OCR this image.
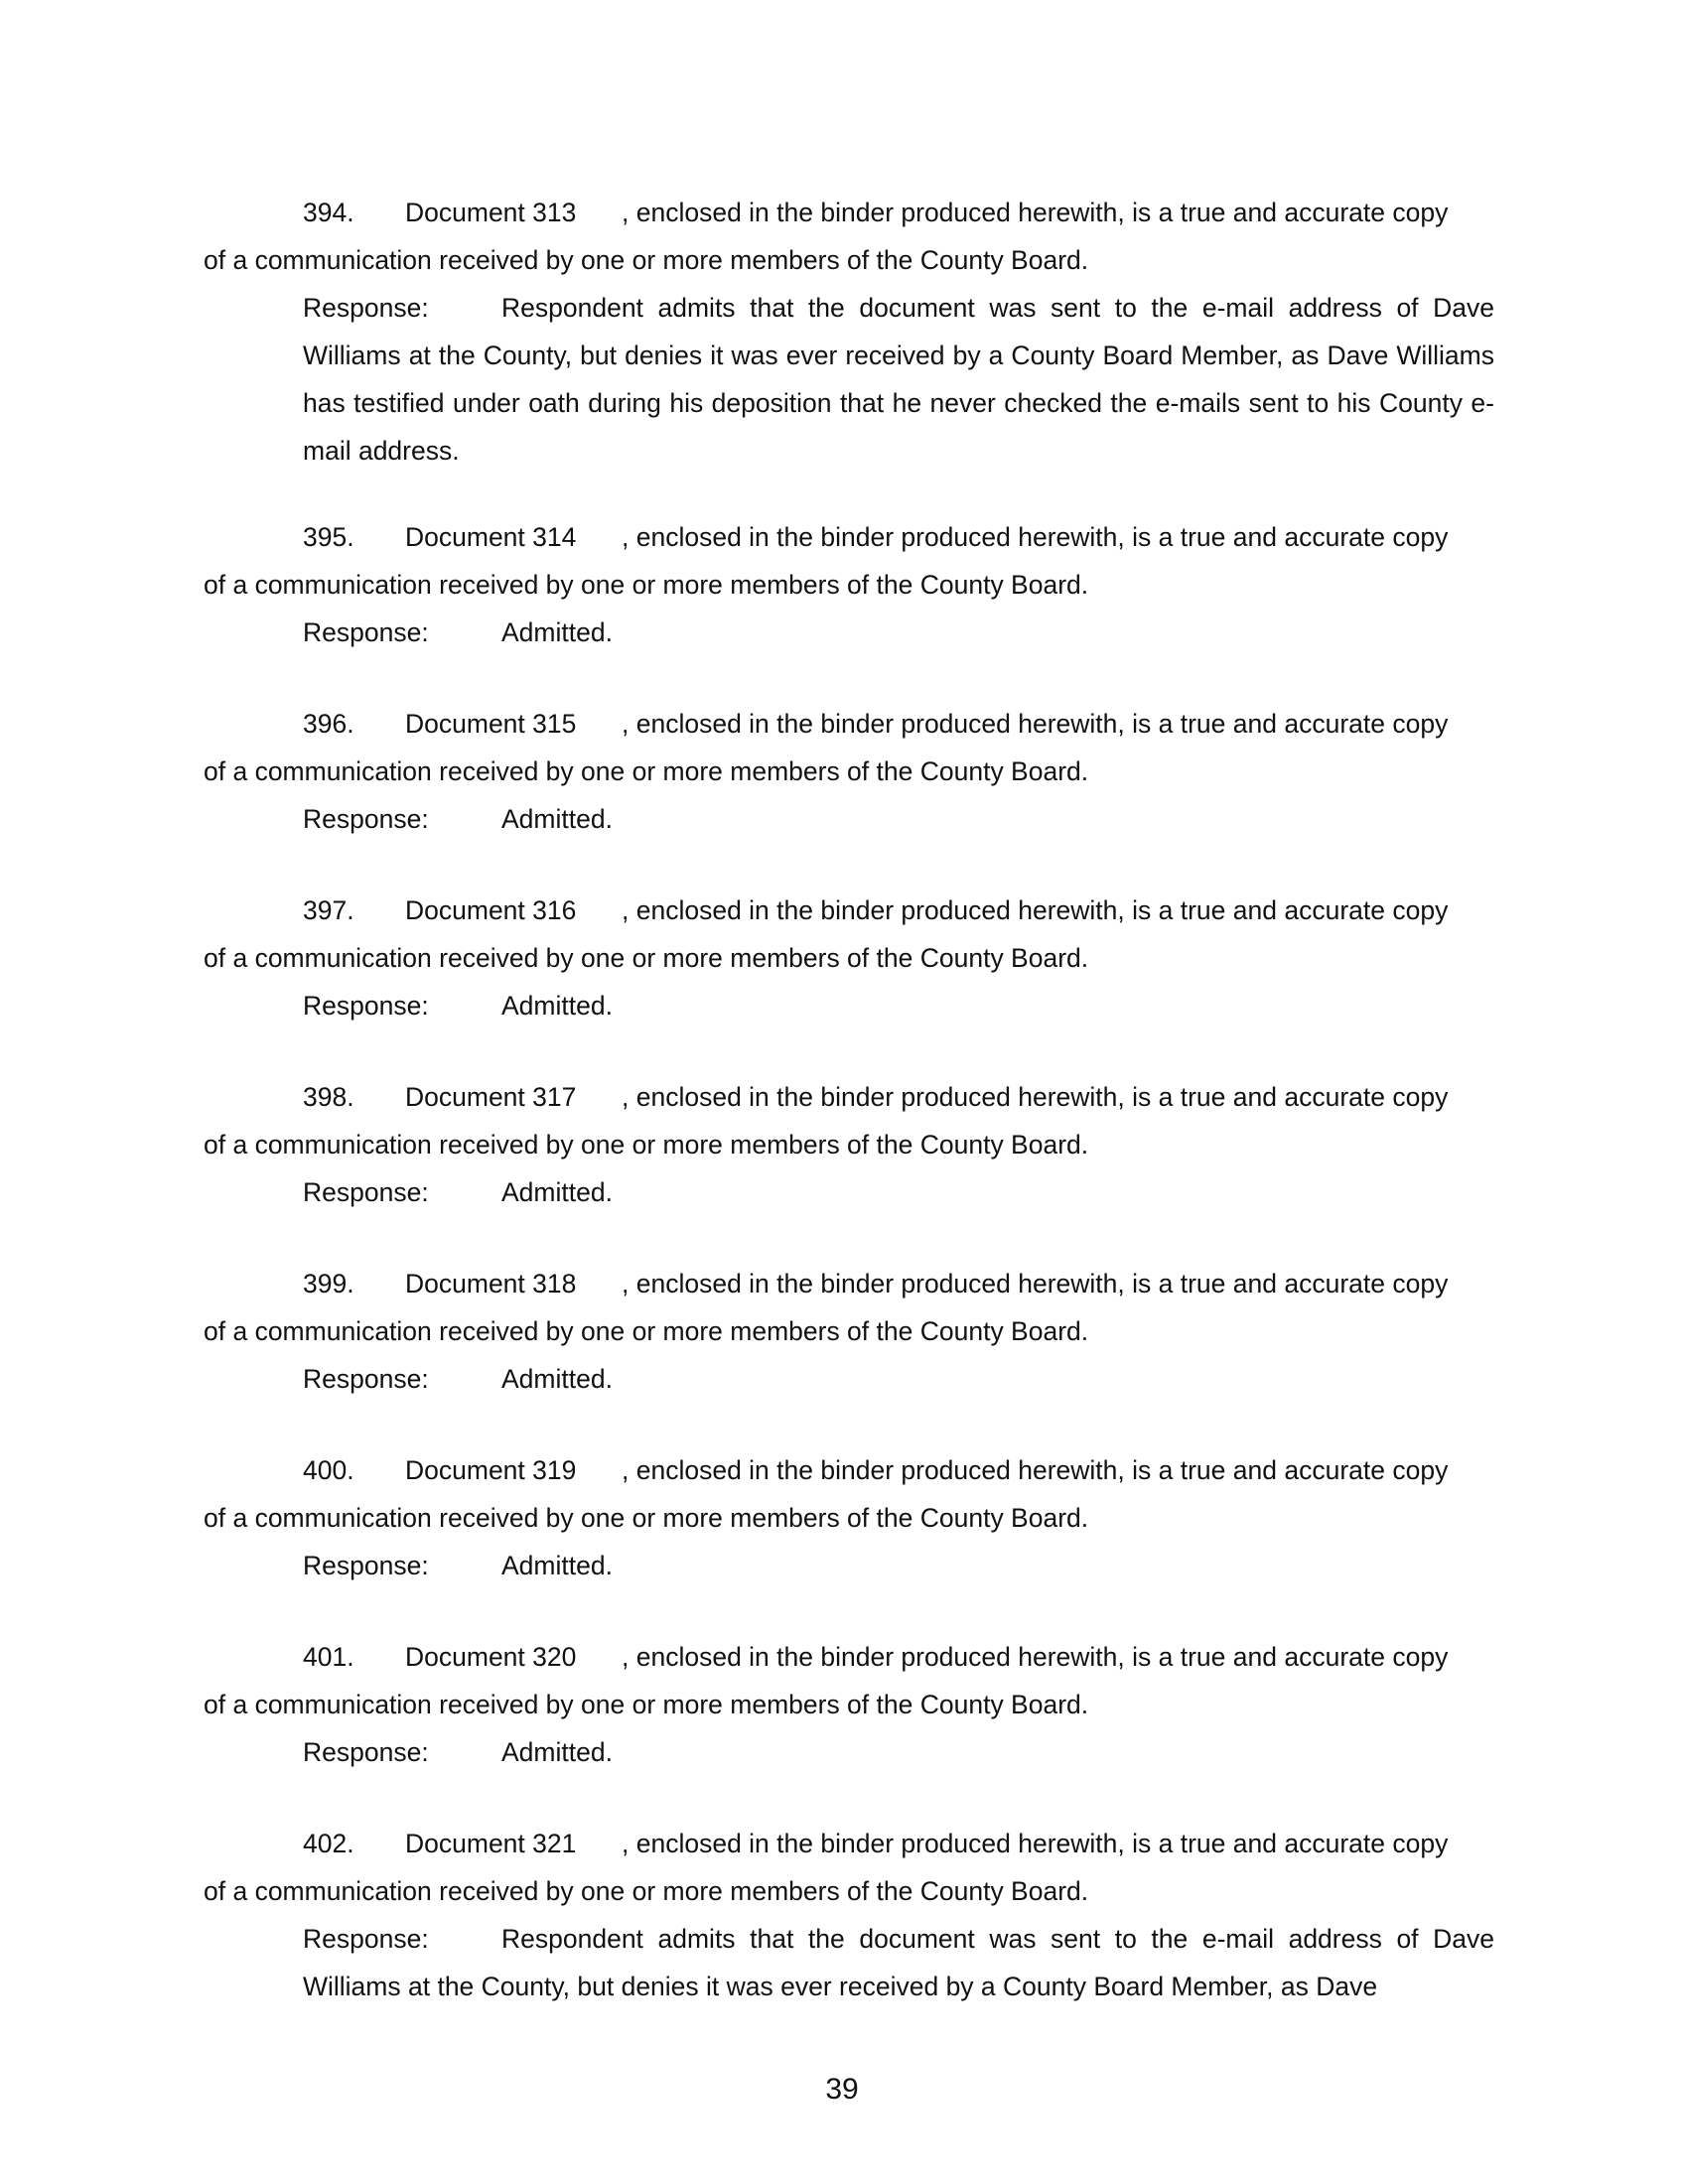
394. Document 313 , enclosed in the binder produced herewith, is a true and accurate copy
of a communication received by one or more members of the County Board.
Response:	Respondent admits that the document was sent to the e-mail address of Dave Williams at the County, but denies it was ever received by a County Board Member, as Dave Williams has testified under oath during his deposition that he never checked the e-mails sent to his County e-mail address.
395. Document 314 , enclosed in the binder produced herewith, is a true and accurate copy
of a communication received by one or more members of the County Board.
Response:	Admitted.
396. Document 315 , enclosed in the binder produced herewith, is a true and accurate copy
of a communication received by one or more members of the County Board.
Response:	Admitted.
397. Document 316 , enclosed in the binder produced herewith, is a true and accurate copy
of a communication received by one or more members of the County Board.
Response:	Admitted.
398. Document 317 , enclosed in the binder produced herewith, is a true and accurate copy
of a communication received by one or more members of the County Board.
Response:	Admitted.
399. Document 318 , enclosed in the binder produced herewith, is a true and accurate copy
of a communication received by one or more members of the County Board.
Response:	Admitted.
400. Document 319 , enclosed in the binder produced herewith, is a true and accurate copy
of a communication received by one or more members of the County Board.
Response:	Admitted.
401. Document 320 , enclosed in the binder produced herewith, is a true and accurate copy
of a communication received by one or more members of the County Board.
Response:	Admitted.
402. Document 321 , enclosed in the binder produced herewith, is a true and accurate copy
of a communication received by one or more members of the County Board.
Response:	Respondent admits that the document was sent to the e-mail address of Dave Williams at the County, but denies it was ever received by a County Board Member, as Dave
39
